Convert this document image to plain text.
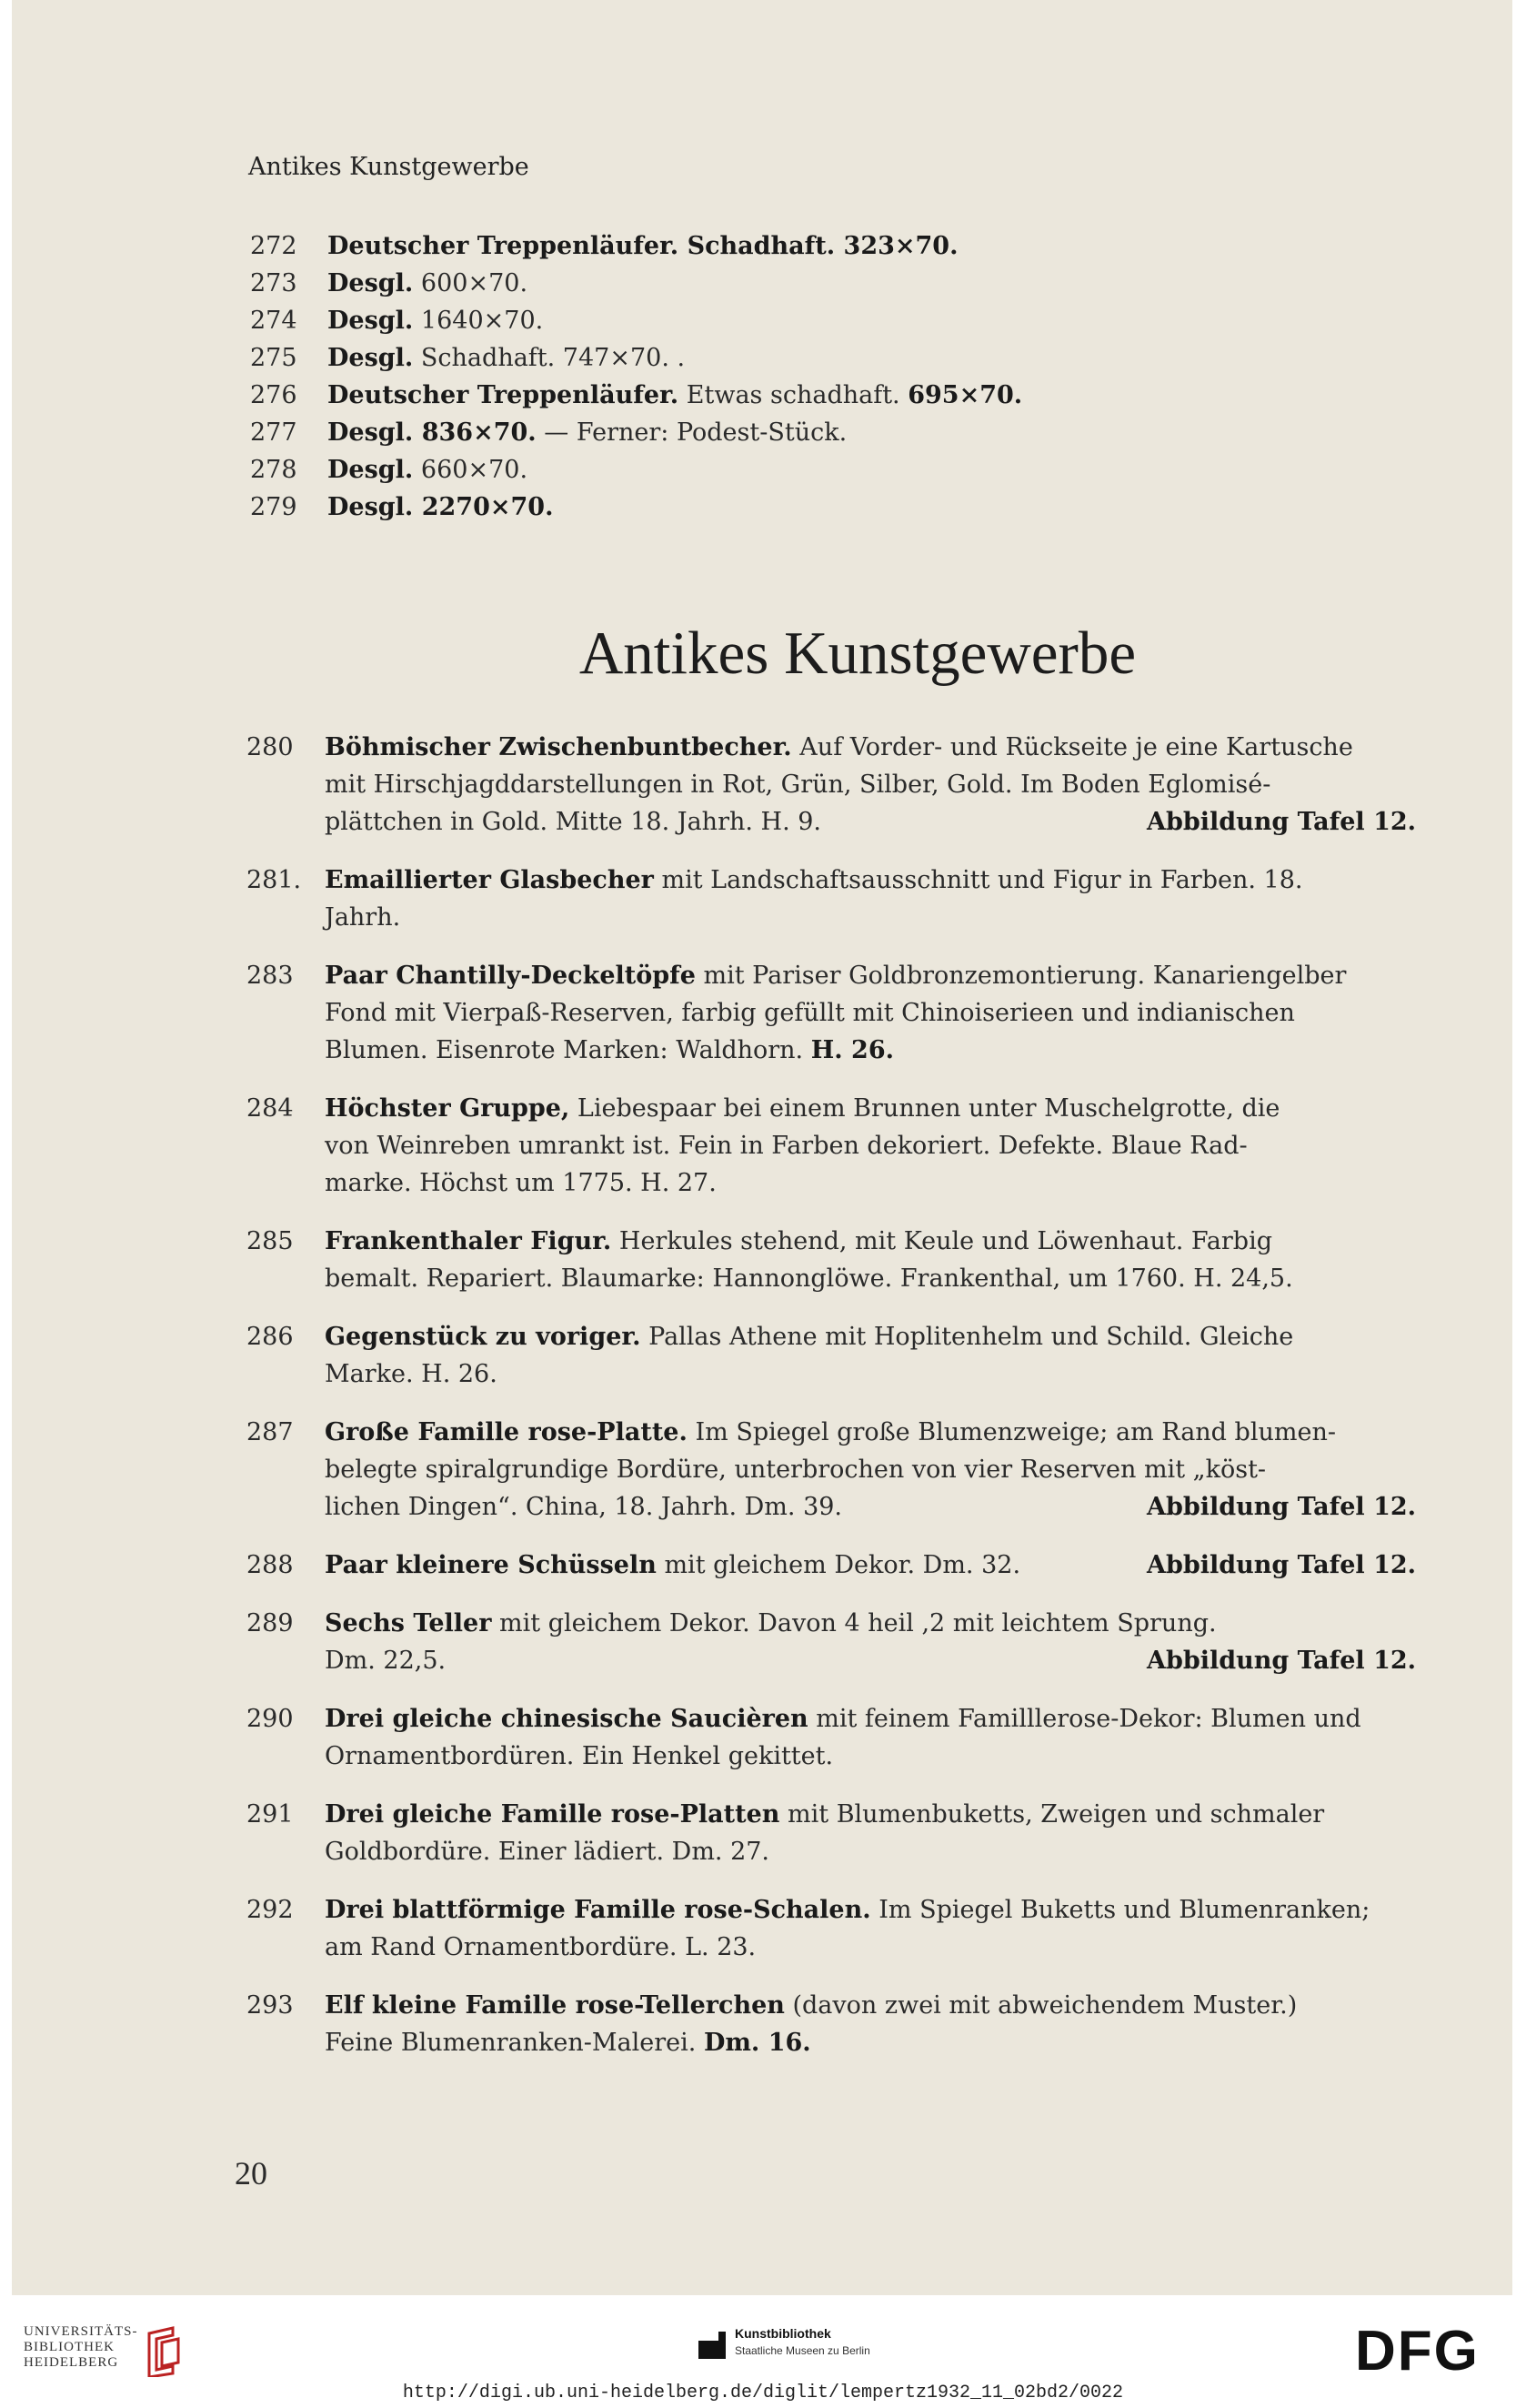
Antikes Kunstgewerbe
272 Deutscher Treppenläufer. Schadhaft. 323×70.
273 Desgl. 600×70.
274 Desgl. 1640×70.
275 Desgl. Schadhaft. 747×70. .
276 Deutscher Treppenläufer. Etwas schadhaft. 695×70.
277 Desgl. 836×70. — Ferner: Podest-Stück.
278 Desgl. 660×70.
279 Desgl. 2270×70.
Antikes Kunstgewerbe
280 Böhmischer Zwischenbuntbecher. Auf Vorder- und Rückseite je eine Kartusche
mit Hirschjagddarstellungen in Rot, Grün, Silber, Gold. Im Boden Eglomisé-
plättchen in Gold. Mitte 18. Jahrh. H. 9.	Abbildung Tafel 12.
281. Emaillierter Glasbecher mit Landschaftsausschnitt und Figur in Farben. 18.
Jahrh.
283 Paar Chantilly-Deckeltöpfe mit Pariser Goldbronzemontierung. Kanariengelber
Fond mit Vierpaß-Reserven, farbig gefüllt mit Chinoiserieen und indianischen
Blumen. Eisenrote Marken: Waldhorn. H. 26.
284 Höchster Gruppe, Liebespaar bei einem Brunnen unter Muschelgrotte, die
von Weinreben umrankt ist. Fein in Farben dekoriert. Defekte. Blaue Rad-
marke. Höchst um 1775. H. 27.
285 Frankenthaler Figur. Herkules stehend, mit Keule und Löwenhaut. Farbig
bemalt. Repariert. Blaumarke: Hannonglöwe. Frankenthal, um 1760. H. 24,5.
286 Gegenstück zu voriger. Pallas Athene mit Hoplitenhelm und Schild. Gleiche
Marke. H. 26.
287 Große Famille rose-Platte. Im Spiegel große Blumenzweige; am Rand blumen-
belegte spiralgrundige Bordüre, unterbrochen von vier Reserven mit „köst-
lichen Dingen“. China, 18. Jahrh. Dm. 39.	Abbildung Tafel 12.
288 Paar kleinere Schüsseln mit gleichem Dekor. Dm. 32.	Abbildung Tafel 12.
289 Sechs Teller mit gleichem Dekor. Davon 4 heil ,2 mit leichtem Sprung.
Dm. 22,5.	Abbildung Tafel 12.
290 Drei gleiche chinesische Saucièren mit feinem Familllerose-Dekor: Blumen und
Ornamentbordüren. Ein Henkel gekittet.
291 Drei gleiche Famille rose-Platten mit Blumenbuketts, Zweigen und schmaler
Goldbordüre. Einer lädiert. Dm. 27.
292 Drei blattförmige Famille rose-Schalen. Im Spiegel Buketts und Blumenranken;
am Rand Ornamentbordüre. L. 23.
293 Elf kleine Famille rose-Tellerchen (davon zwei mit abweichendem Muster.)
Feine Blumenranken-Malerei. Dm. 16.
20
UNIVERSITÄTS-
BIBLIOTHEK
HEIDELBERG
Kunstbibliothek
Staatliche Museen zu Berlin	DFG
http://digi.ub.uni-heidelberg.de/diglit/lempertz1932_11_02bd2/0022
